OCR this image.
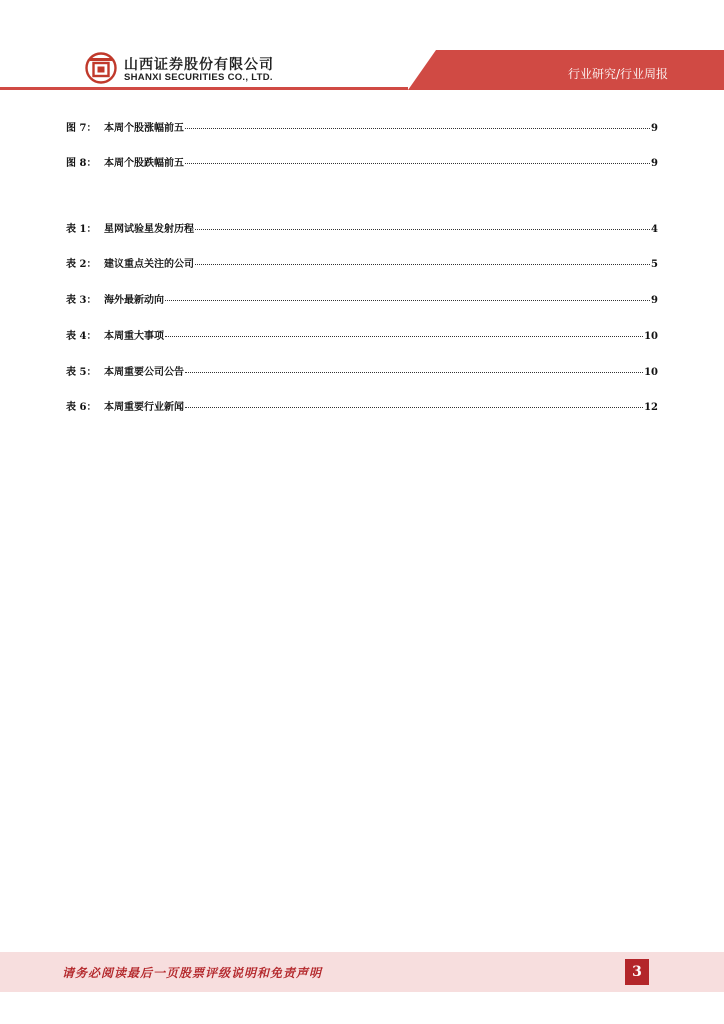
山西证券股份有限公司
SHANXI SECURITIES CO., LTD.	行业研究/行业周报
图 7： 本周个股涨幅前五	9
图 8： 本周个股跌幅前五	9
表 1： 星网试验星发射历程	4
表 2： 建议重点关注的公司	5
表 3： 海外最新动向	9
表 4： 本周重大事项	10
表 5： 本周重要公司公告	10
表 6： 本周重要行业新闻	12
请务必阅读最后一页股票评级说明和免责声明	3
